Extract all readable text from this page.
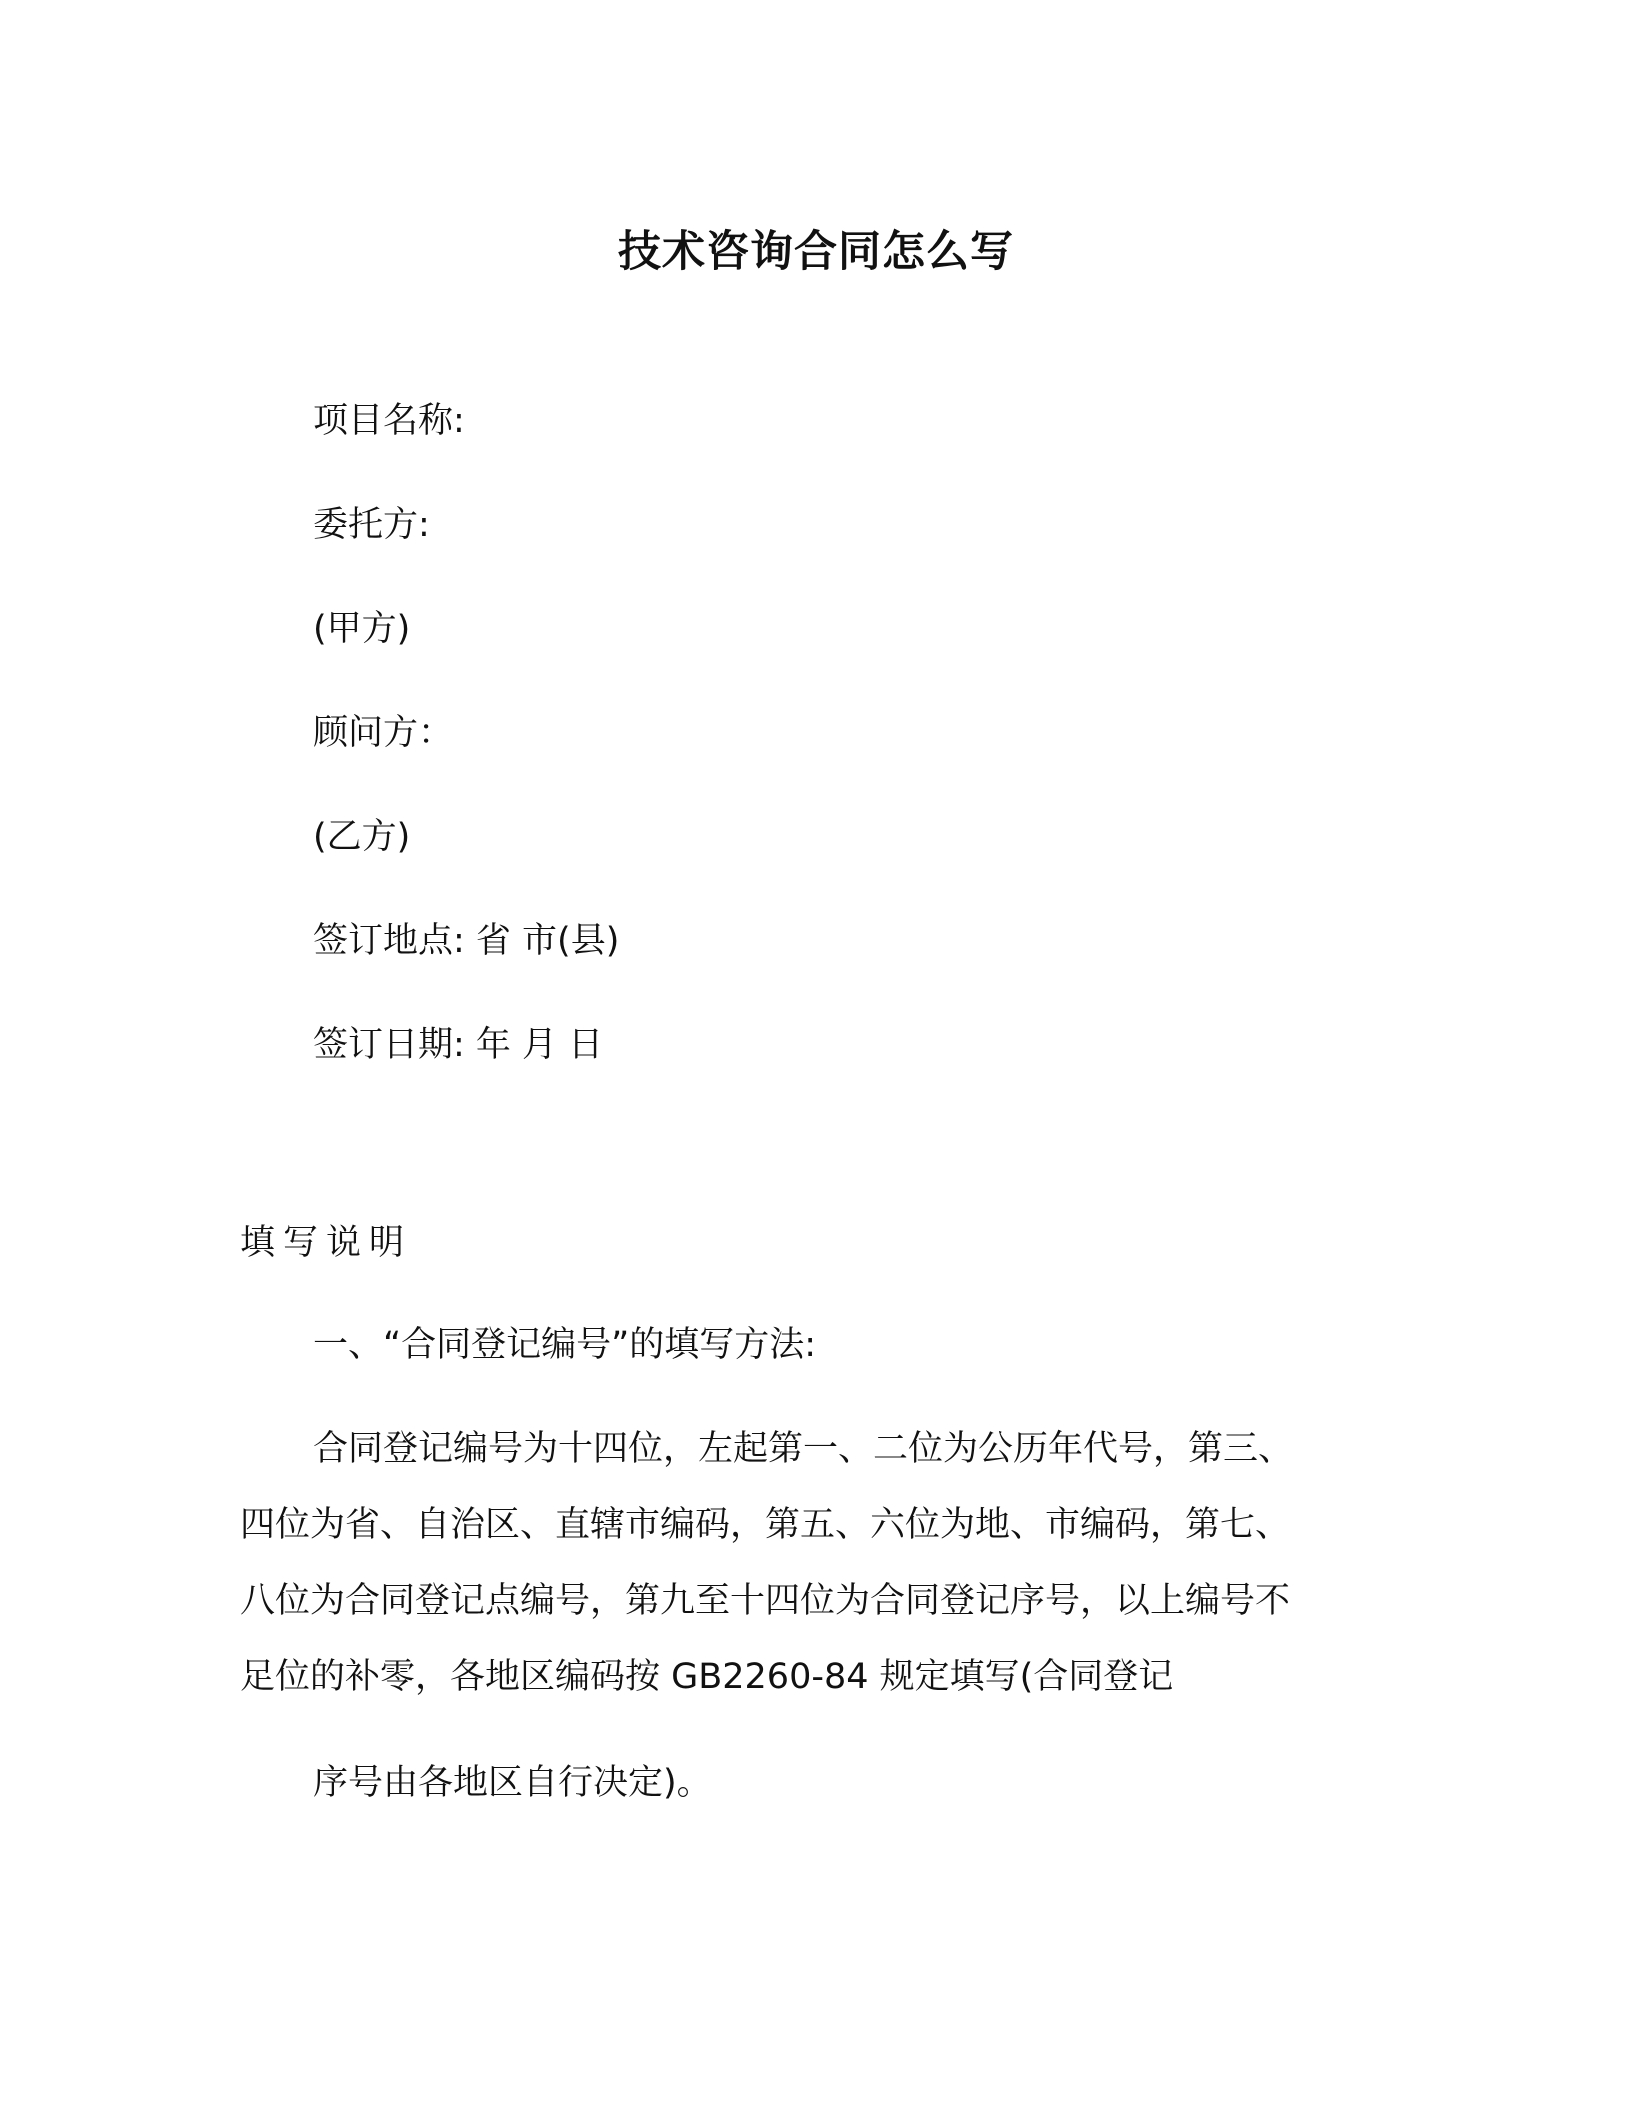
技术咨询合同怎么写
项目名称:
委托方:
(甲方)
顾问方：
(乙方)
签订地点: 省 市(县)
签订日期: 年 月 日
填写说明
一、“合同登记编号”的填写方法:
合同登记编号为十四位，左起第一、二位为公历年代号，第三、
四位为省、自治区、直辖市编码，第五、六位为地、市编码，第七、
八位为合同登记点编号，第九至十四位为合同登记序号，以上编号不
足位的补零，各地区编码按 GB2260-84 规定填写(合同登记
序号由各地区自行决定)。
